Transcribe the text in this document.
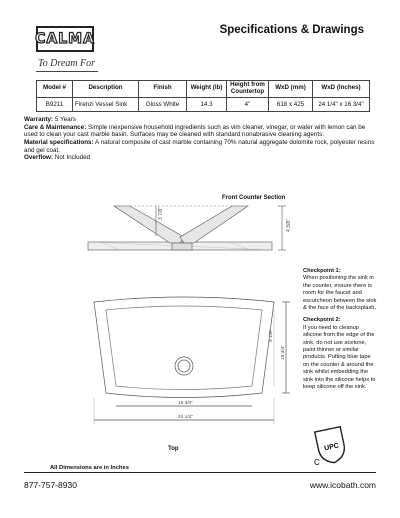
CALMA
To Dream For
Specifications & Drawings
Model #	Description	Finish	Weight (lb)	Height from Countertop	WxD (mm)	WxD (Inches)
B9211	Firenzi Vessel Sink	Gloss White	14.3	4"	618 x 425	24 1/4" x 16 3/4"
Warranty: 5 Years
Care & Maintenance: Simple inexpensive household ingredients such as vim cleaner, vinegar, or water with lemon can be used to clean your cast marble basin. Surfaces may be cleaned with standard nonabrasive cleaning agents.
Material specifications: A natural composite of cast marble containing 70% natural aggregate dolomite rock, polyester resins and gel coat.
Overflow: Not Included
Front Counter Section
3 7/8"
4 3/8"
15 3/4"
24 1/4"
9 1/8"
16 3/4"
Top

Checkpoint 1:
When positioning the sink in the counter, ensure there is room for the faucet and escutcheon between the sink & the face of the backsplash.

Checkpoint 2:
If you need to cleanup silicone from the edge of the sink, do not use acetone, paint thinner or similar products. Putting blue tape on the counter & around the sink whilst embedding the sink into the silicone helps to keep silicone off the sink.

UPC
C
All Dimensions are in Inches
877-757-8930	www.icobath.com
